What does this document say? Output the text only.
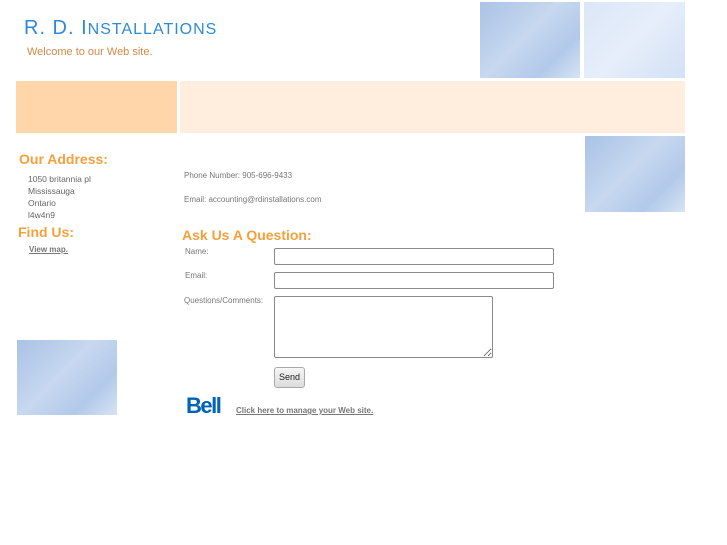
R. D. INSTALLATIONS
Welcome to our Web site.
Our Address:
1050 britannia pl
Mississauga
Ontario
l4w4n9
Find Us:
View map.
Phone Number: 905-696-9433
Email: accounting@rdinstallations.com
Ask Us A Question:
Name:
Email:
Questions/Comments:
Send
Bell Click here to manage your Web site.
